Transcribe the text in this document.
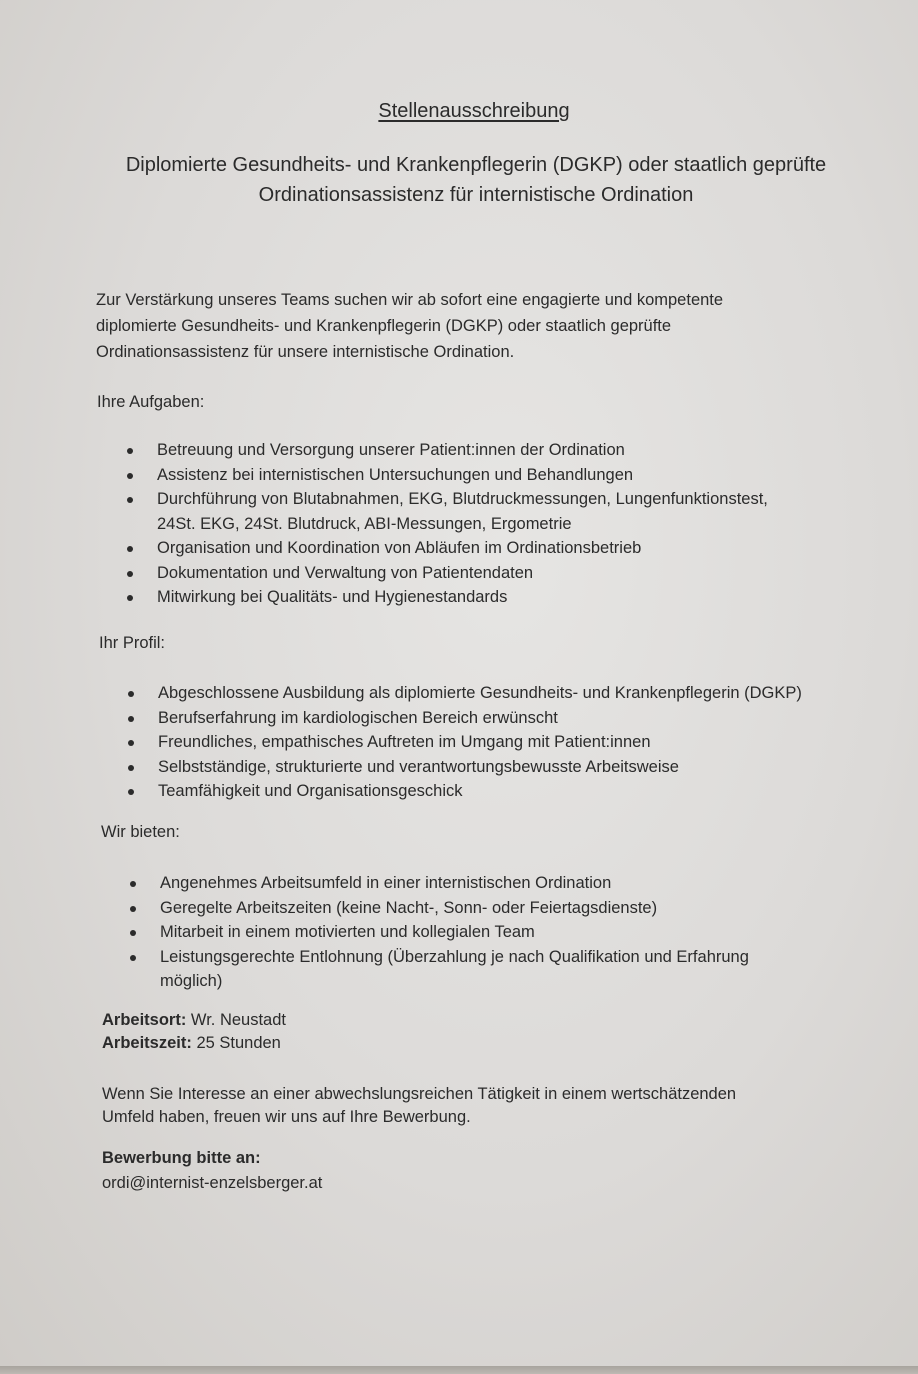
Stellenausschreibung
Diplomierte Gesundheits- und Krankenpflegerin (DGKP) oder staatlich geprüfte
Ordinationsassistenz für internistische Ordination
Zur Verstärkung unseres Teams suchen wir ab sofort eine engagierte und kompetente
diplomierte Gesundheits- und Krankenpflegerin (DGKP) oder staatlich geprüfte
Ordinationsassistenz für unsere internistische Ordination.
Ihre Aufgaben:
Betreuung und Versorgung unserer Patient:innen der Ordination
Assistenz bei internistischen Untersuchungen und Behandlungen
Durchführung von Blutabnahmen, EKG, Blutdruckmessungen, Lungenfunktionstest,
24St. EKG, 24St. Blutdruck, ABI-Messungen, Ergometrie
Organisation und Koordination von Abläufen im Ordinationsbetrieb
Dokumentation und Verwaltung von Patientendaten
Mitwirkung bei Qualitäts- und Hygienestandards
Ihr Profil:
Abgeschlossene Ausbildung als diplomierte Gesundheits- und Krankenpflegerin (DGKP)
Berufserfahrung im kardiologischen Bereich erwünscht
Freundliches, empathisches Auftreten im Umgang mit Patient:innen
Selbstständige, strukturierte und verantwortungsbewusste Arbeitsweise
Teamfähigkeit und Organisationsgeschick
Wir bieten:
Angenehmes Arbeitsumfeld in einer internistischen Ordination
Geregelte Arbeitszeiten (keine Nacht-, Sonn- oder Feiertagsdienste)
Mitarbeit in einem motivierten und kollegialen Team
Leistungsgerechte Entlohnung (Überzahlung je nach Qualifikation und Erfahrung
möglich)
Arbeitsort: Wr. Neustadt
Arbeitszeit: 25 Stunden
Wenn Sie Interesse an einer abwechslungsreichen Tätigkeit in einem wertschätzenden
Umfeld haben, freuen wir uns auf Ihre Bewerbung.
Bewerbung bitte an:
ordi@internist-enzelsberger.at
